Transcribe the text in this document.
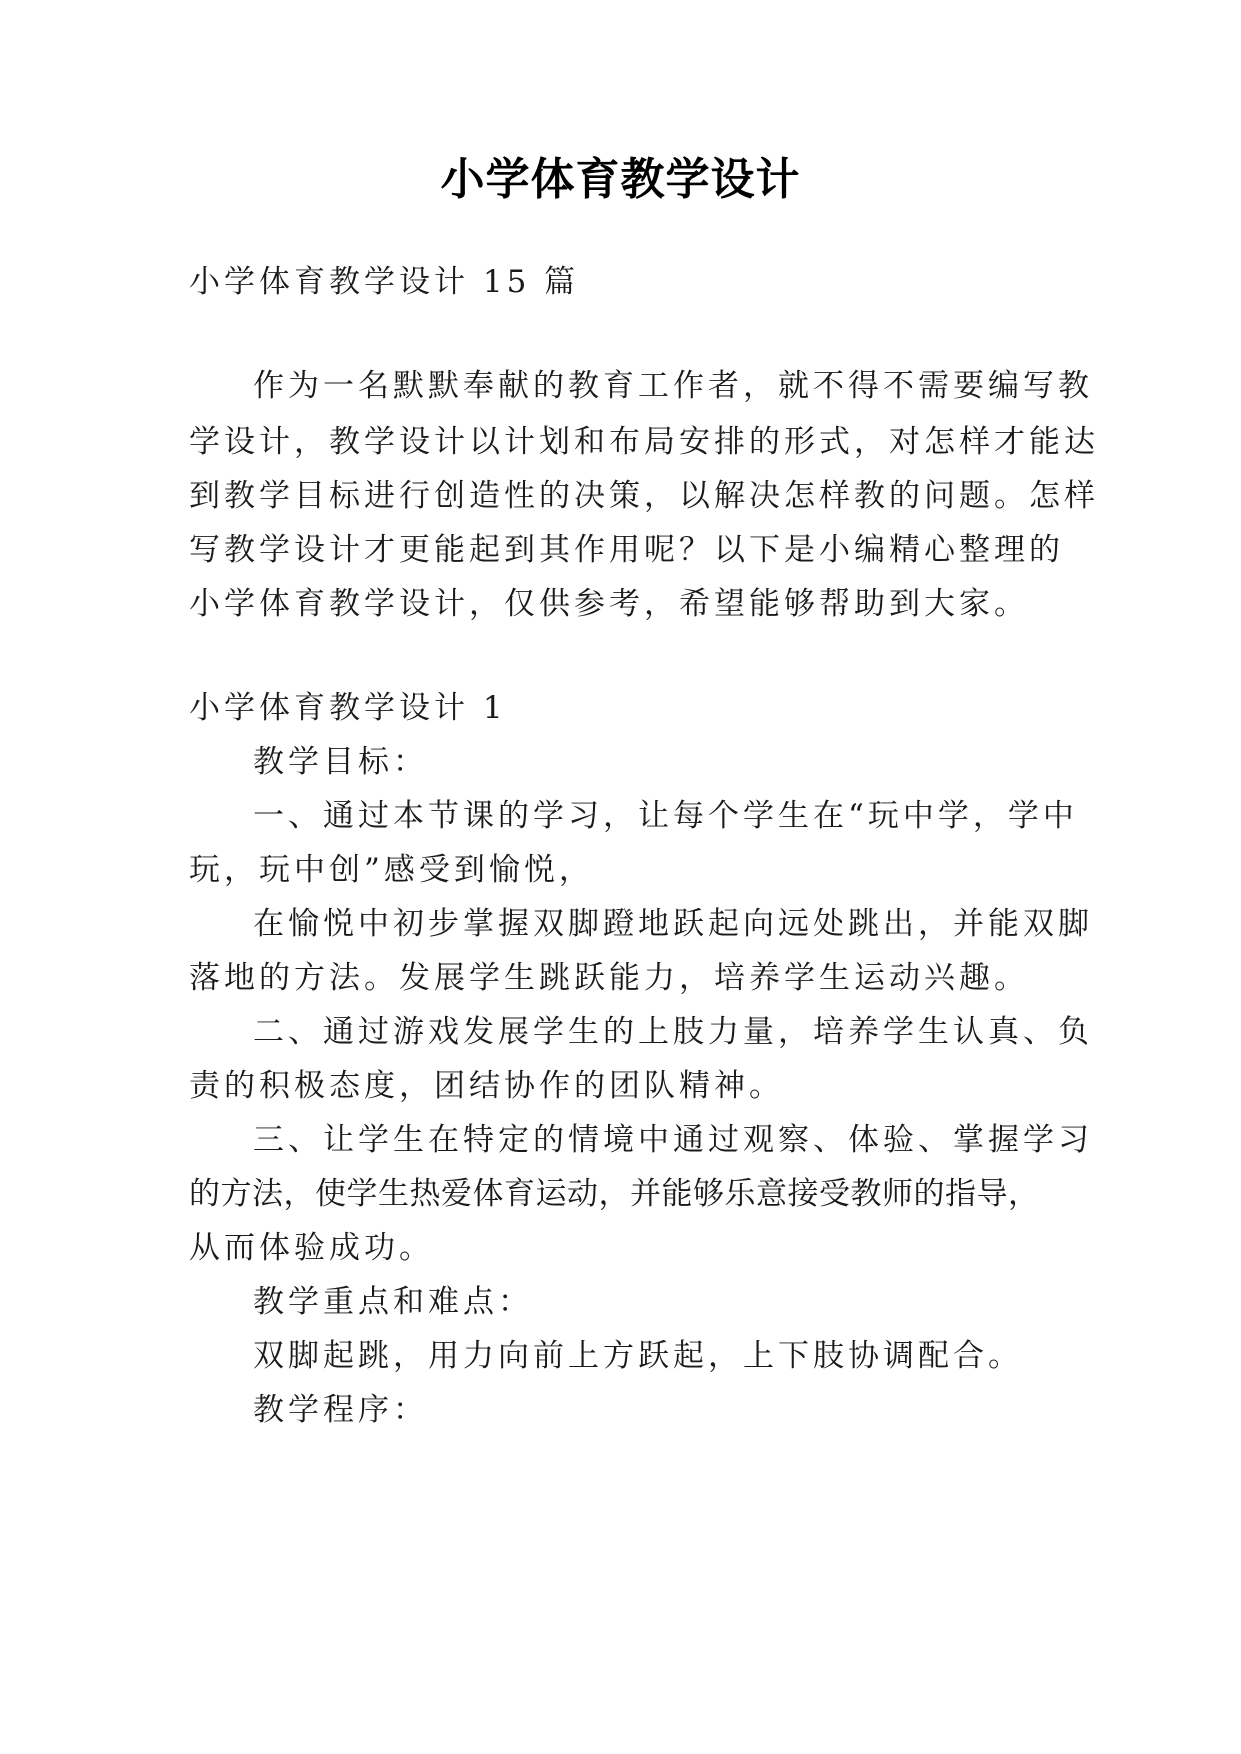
小学体育教学设计
小学体育教学设计 15 篇
作为一名默默奉献的教育工作者，就不得不需要编写教
学设计，教学设计以计划和布局安排的形式，对怎样才能达
到教学目标进行创造性的决策，以解决怎样教的问题。怎样
写教学设计才更能起到其作用呢？以下是小编精心整理的
小学体育教学设计，仅供参考，希望能够帮助到大家。
小学体育教学设计 1
教学目标：
一、通过本节课的学习，让每个学生在“玩中学，学中
玩，玩中创”感受到愉悦，
在愉悦中初步掌握双脚蹬地跃起向远处跳出，并能双脚
落地的方法。发展学生跳跃能力，培养学生运动兴趣。
二、通过游戏发展学生的上肢力量，培养学生认真、负
责的积极态度，团结协作的团队精神。
三、让学生在特定的情境中通过观察、体验、掌握学习
的方法，使学生热爱体育运动，并能够乐意接受教师的指导，
从而体验成功。
教学重点和难点：
双脚起跳，用力向前上方跃起，上下肢协调配合。
教学程序：
